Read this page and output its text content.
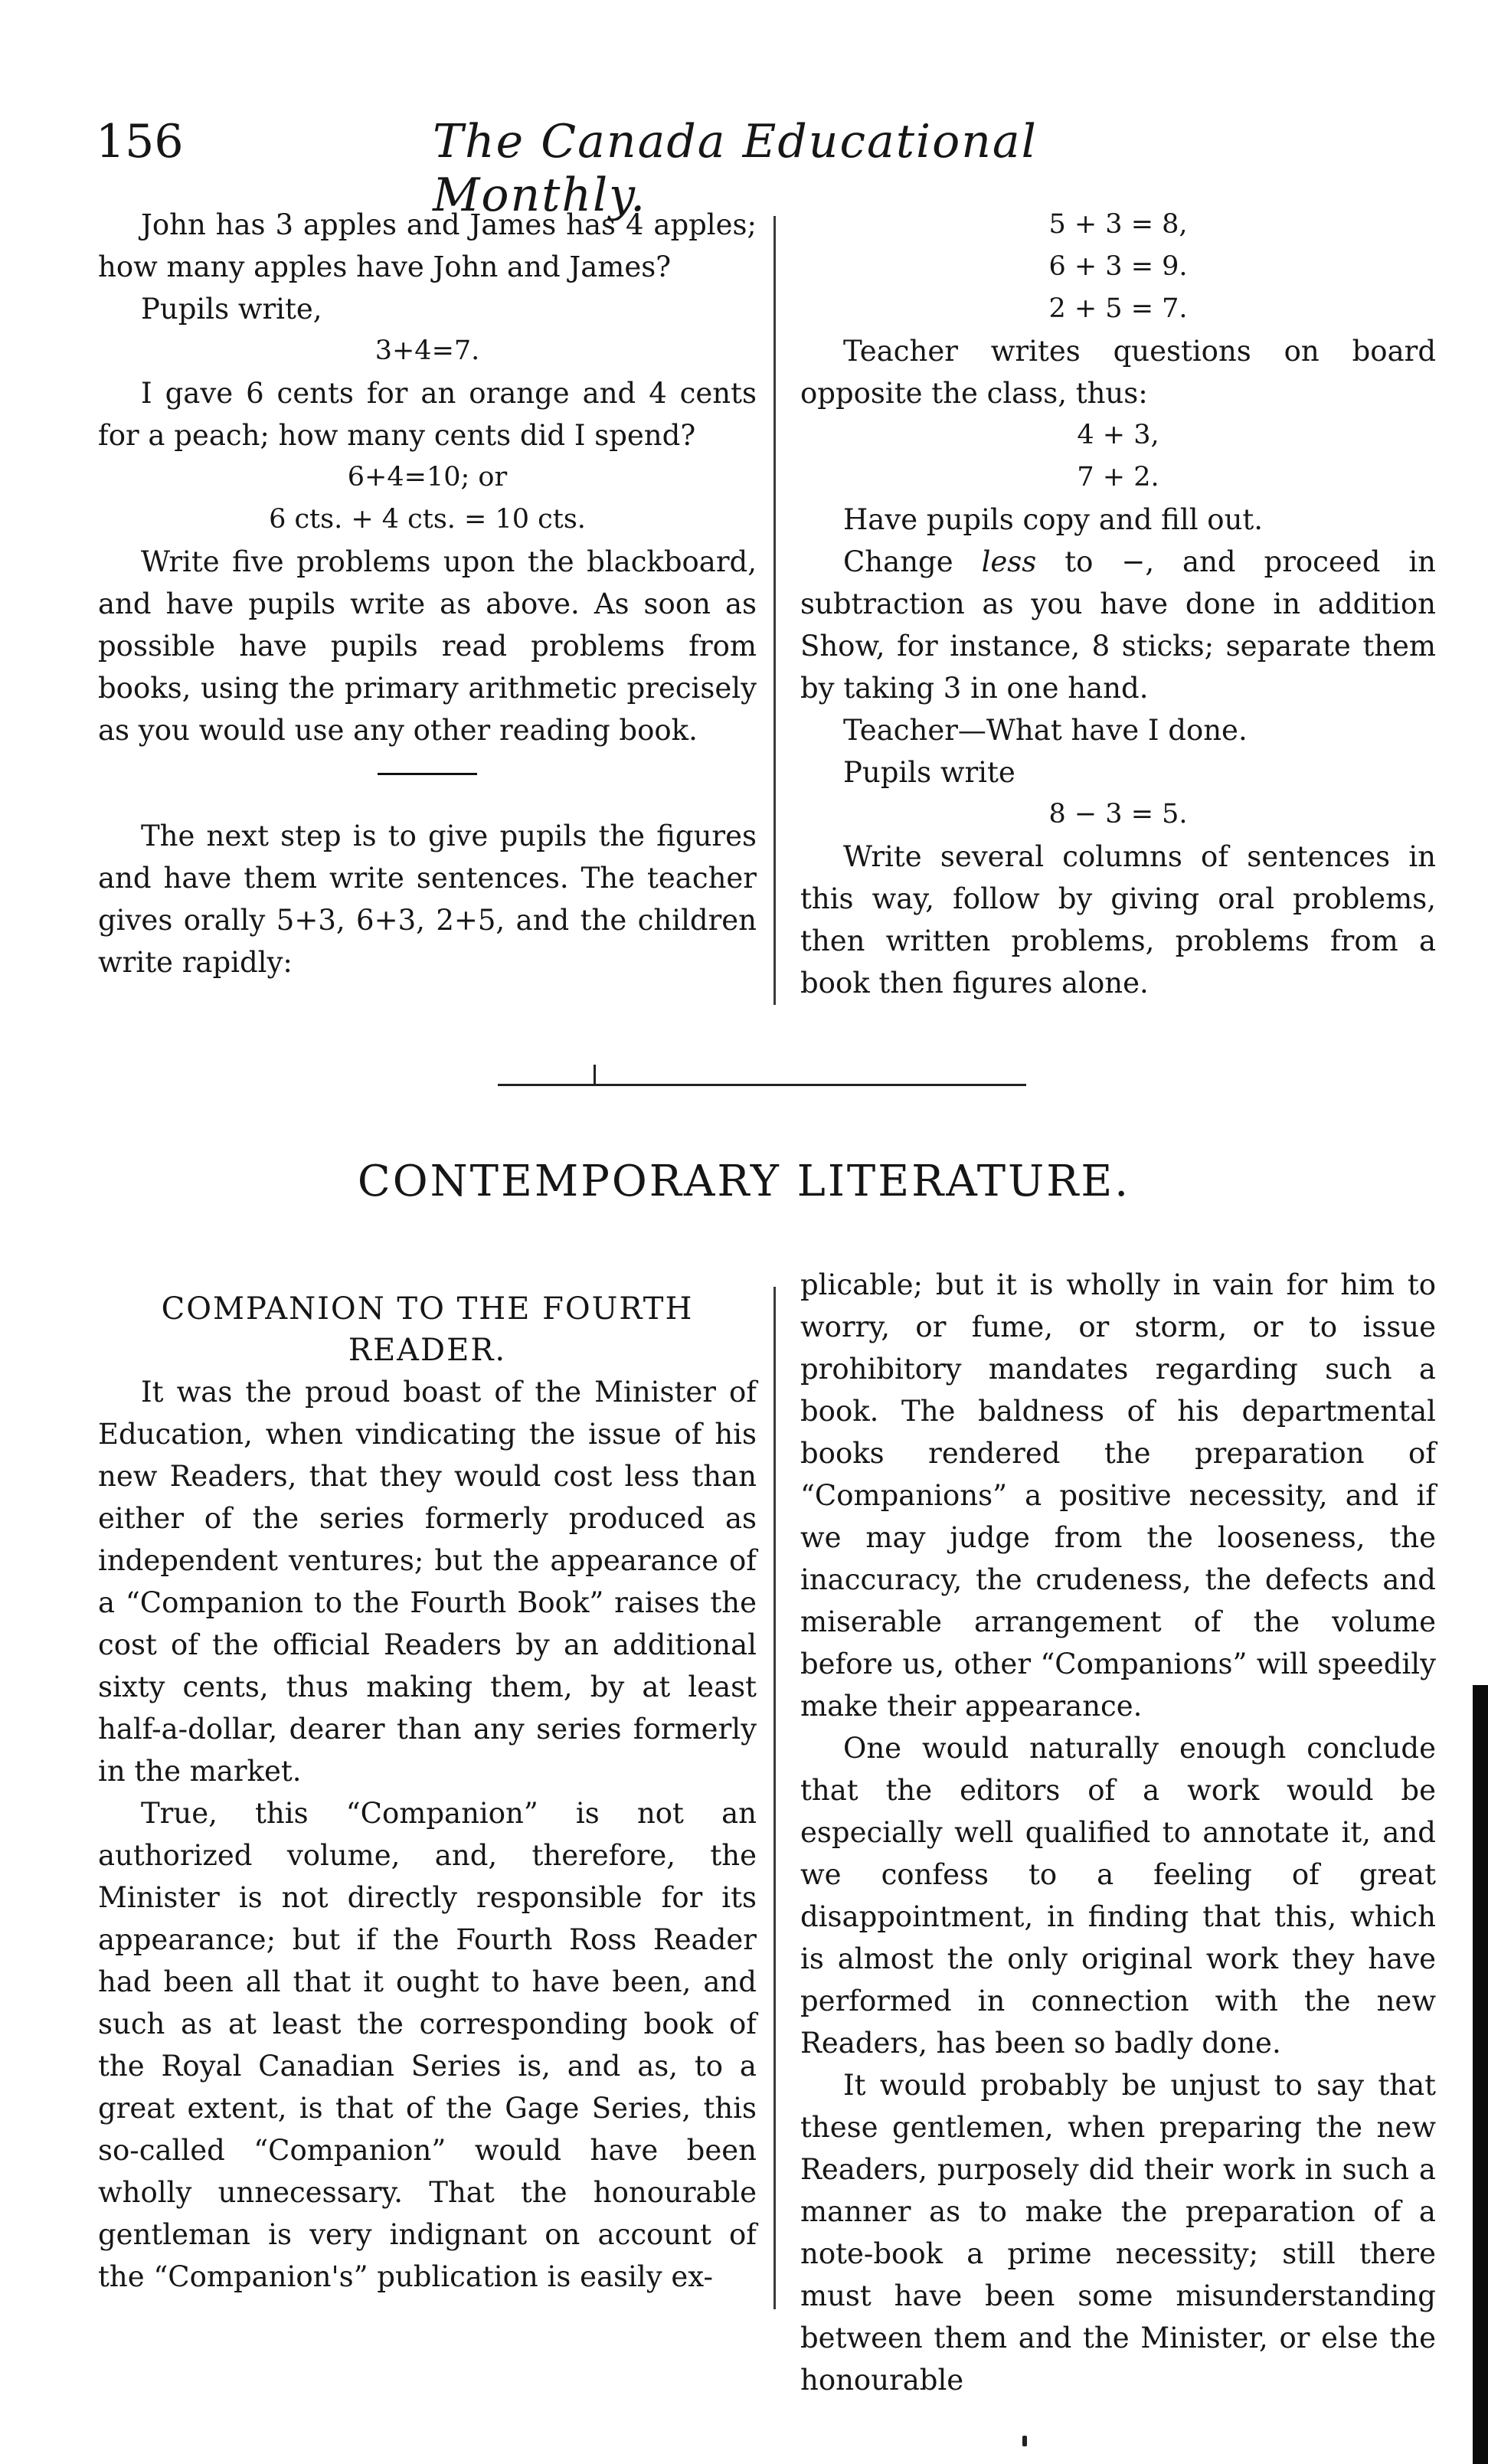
156	The Canada Educational Monthly.

John has 3 apples and James has 4 apples; how many apples have John and James?

Pupils write,

3+4=7.

I gave 6 cents for an orange and 4 cents for a peach; how many cents did I spend?

6+4=10; or

6 cts. + 4 cts. = 10 cts.

Write five problems upon the blackboard, and have pupils write as above. As soon as possible have pupils read problems from books, using the primary arithmetic precisely as you would use any other reading book.

The next step is to give pupils the figures and have them write sentences. The teacher gives orally 5+3, 6+3, 2+5, and the children write rapidly:

5 + 3 = 8,

6 + 3 = 9.

2 + 5 = 7.

Teacher writes questions on board opposite the class, thus:

4 + 3,

7 + 2.

Have pupils copy and fill out.

Change less to −, and proceed in subtraction as you have done in addition Show, for instance, 8 sticks; separate them by taking 3 in one hand.

Teacher—What have I done.

Pupils write

8 − 3 = 5.

Write several columns of sentences in this way, follow by giving oral problems, then written problems, problems from a book then figures alone.

CONTEMPORARY LITERATURE.

COMPANION TO THE FOURTH READER.

It was the proud boast of the Minister of Education, when vindicating the issue of his new Readers, that they would cost less than either of the series formerly produced as independent ventures; but the appearance of a “Companion to the Fourth Book” raises the cost of the official Readers by an additional sixty cents, thus making them, by at least half-a-dollar, dearer than any series formerly in the market.

True, this “Companion” is not an authorized volume, and, therefore, the Minister is not directly responsible for its appearance; but if the Fourth Ross Reader had been all that it ought to have been, and such as at least the corresponding book of the Royal Canadian Series is, and as, to a great extent, is that of the Gage Series, this so-called “Companion” would have been wholly unnecessary. That the honourable gentleman is very indignant on account of the “Companion's” publication is easily ex-

plicable; but it is wholly in vain for him to worry, or fume, or storm, or to issue prohibitory mandates regarding such a book. The baldness of his departmental books rendered the preparation of “Companions” a positive necessity, and if we may judge from the looseness, the inaccuracy, the crudeness, the defects and miserable arrangement of the volume before us, other “Companions” will speedily make their appearance.

One would naturally enough conclude that the editors of a work would be especially well qualified to annotate it, and we confess to a feeling of great disappointment, in finding that this, which is almost the only original work they have performed in connection with the new Readers, has been so badly done.

It would probably be unjust to say that these gentlemen, when preparing the new Readers, purposely did their work in such a manner as to make the preparation of a note-book a prime necessity; still there must have been some misunderstanding between them and the Minister, or else the honourable
